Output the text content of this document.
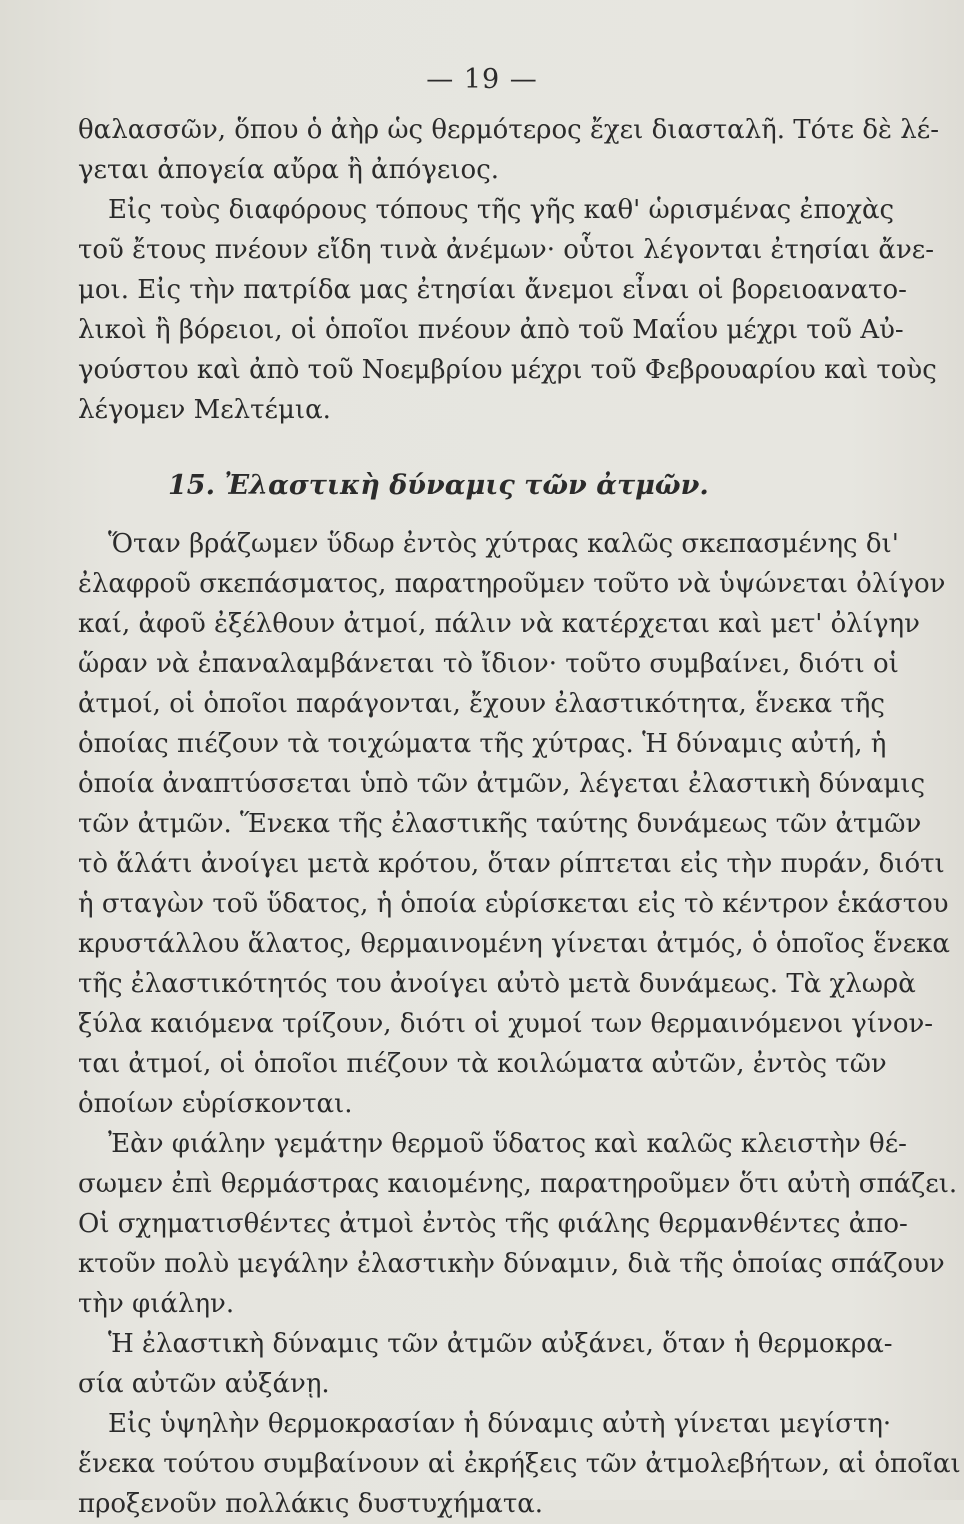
— 19 —
θαλασσῶν, ὅπου ὁ ἀὴρ ὡς θερμότερος ἔχει διασταλῆ. Τότε δὲ λέ-
γεται ἀπογεία αὔρα ἢ ἀπόγειος.
Εἰς τοὺς διαφόρους τόπους τῆς γῆς καθ' ὡρισμένας ἐποχὰς
τοῦ ἔτους πνέουν εἴδη τινὰ ἀνέμων· οὗτοι λέγονται ἐτησίαι ἄνε-
μοι. Εἰς τὴν πατρίδα μας ἐτησίαι ἄνεμοι εἶναι οἱ βορειοανατο-
λικοὶ ἢ βόρειοι, οἱ ὁποῖοι πνέουν ἀπὸ τοῦ Μαΐου μέχρι τοῦ Αὐ-
γούστου καὶ ἀπὸ τοῦ Νοεμβρίου μέχρι τοῦ Φεβρουαρίου καὶ τοὺς
λέγομεν Μελτέμια.
15. Ἐλαστικὴ δύναμις τῶν ἀτμῶν.
Ὅταν βράζωμεν ὕδωρ ἐντὸς χύτρας καλῶς σκεπασμένης δι'
ἐλαφροῦ σκεπάσματος, παρατηροῦμεν τοῦτο νὰ ὑψώνεται ὀλίγον
καί, ἀφοῦ ἐξέλθουν ἀτμοί, πάλιν νὰ κατέρχεται καὶ μετ' ὀλίγην
ὥραν νὰ ἐπαναλαμβάνεται τὸ ἴδιον· τοῦτο συμβαίνει, διότι οἱ
ἀτμοί, οἱ ὁποῖοι παράγονται, ἔχουν ἐλαστικότητα, ἕνεκα τῆς
ὁποίας πιέζουν τὰ τοιχώματα τῆς χύτρας. Ἡ δύναμις αὐτή, ἡ
ὁποία ἀναπτύσσεται ὑπὸ τῶν ἀτμῶν, λέγεται ἐλαστικὴ δύναμις
τῶν ἀτμῶν. Ἕνεκα τῆς ἐλαστικῆς ταύτης δυνάμεως τῶν ἀτμῶν
τὸ ἅλάτι ἀνοίγει μετὰ κρότου, ὅταν ρίπτεται εἰς τὴν πυράν, διότι
ἡ σταγὼν τοῦ ὕδατος, ἡ ὁποία εὑρίσκεται εἰς τὸ κέντρον ἑκάστου
κρυστάλλου ἅλατος, θερμαινομένη γίνεται ἀτμός, ὁ ὁποῖος ἕνεκα
τῆς ἐλαστικότητός του ἀνοίγει αὐτὸ μετὰ δυνάμεως. Τὰ χλωρὰ
ξύλα καιόμενα τρίζουν, διότι οἱ χυμοί των θερμαινόμενοι γίνον-
ται ἀτμοί, οἱ ὁποῖοι πιέζουν τὰ κοιλώματα αὐτῶν, ἐντὸς τῶν
ὁποίων εὑρίσκονται.
Ἐὰν φιάλην γεμάτην θερμοῦ ὕδατος καὶ καλῶς κλειστὴν θέ-
σωμεν ἐπὶ θερμάστρας καιομένης, παρατηροῦμεν ὅτι αὐτὴ σπάζει.
Οἱ σχηματισθέντες ἀτμοὶ ἐντὸς τῆς φιάλης θερμανθέντες ἀπο-
κτοῦν πολὺ μεγάλην ἐλαστικὴν δύναμιν, διὰ τῆς ὁποίας σπάζουν
τὴν φιάλην.
Ἡ ἐλαστικὴ δύναμις τῶν ἀτμῶν αὐξάνει, ὅταν ἡ θερμοκρα-
σία αὐτῶν αὐξάνῃ.
Εἰς ὑψηλὴν θερμοκρασίαν ἡ δύναμις αὐτὴ γίνεται μεγίστη·
ἕνεκα τούτου συμβαίνουν αἱ ἐκρήξεις τῶν ἀτμολεβήτων, αἱ ὁποῖαι
προξενοῦν πολλάκις δυστυχήματα.
